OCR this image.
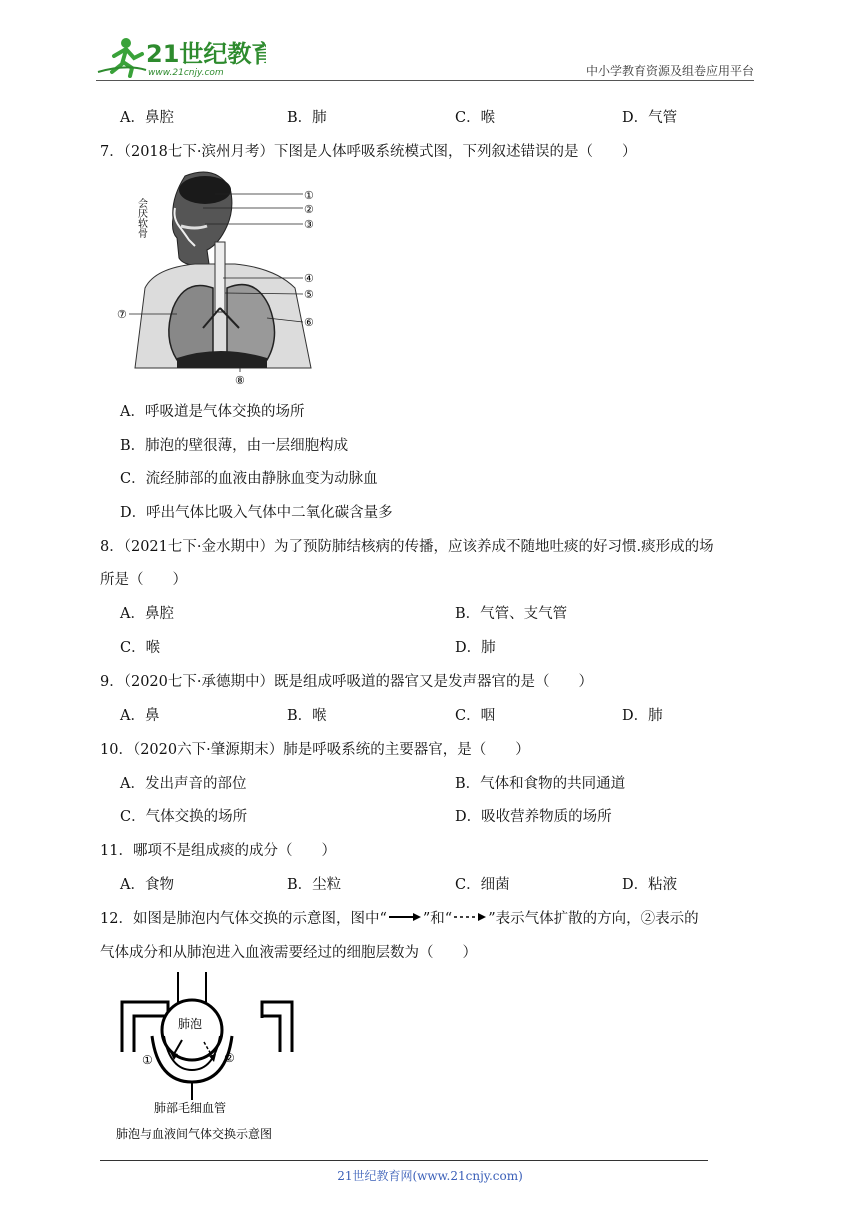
21世纪教育
www.21cnjy.com	中小学教育资源及组卷应用平台
A．鼻腔	B．肺	C．喉	D．气管
7．（2018七下·滨州月考）下图是人体呼吸系统模式图，下列叙述错误的是（　　）
①
②
③
④
⑤
⑥
⑦
⑧
会厌软骨
A．呼吸道是气体交换的场所
B．肺泡的壁很薄，由一层细胞构成
C．流经肺部的血液由静脉血变为动脉血
D．呼出气体比吸入气体中二氧化碳含量多
8．（2021七下·金水期中）为了预防肺结核病的传播，应该养成不随地吐痰的好习惯.痰形成的场
所是（　　）
A．鼻腔	B．气管、支气管
C．喉	D．肺
9．（2020七下·承德期中）既是组成呼吸道的器官又是发声器官的是（　　）
A．鼻	B．喉	C．咽	D．肺
10．（2020六下·肇源期末）肺是呼吸系统的主要器官，是（　　）
A．发出声音的部位	B．气体和食物的共同通道
C．气体交换的场所	D．吸收营养物质的场所
11．哪项不是组成痰的成分（　　）
A．食物	B．尘粒	C．细菌	D．粘液
12．如图是肺泡内气体交换的示意图，图中“ ”和“ ”表示气体扩散的方向，②表示的
气体成分和从肺泡进入血液需要经过的细胞层数为（　　）
肺泡
①	②
肺部毛细血管
肺泡与血液间气体交换示意图
21世纪教育网(www.21cnjy.com)
